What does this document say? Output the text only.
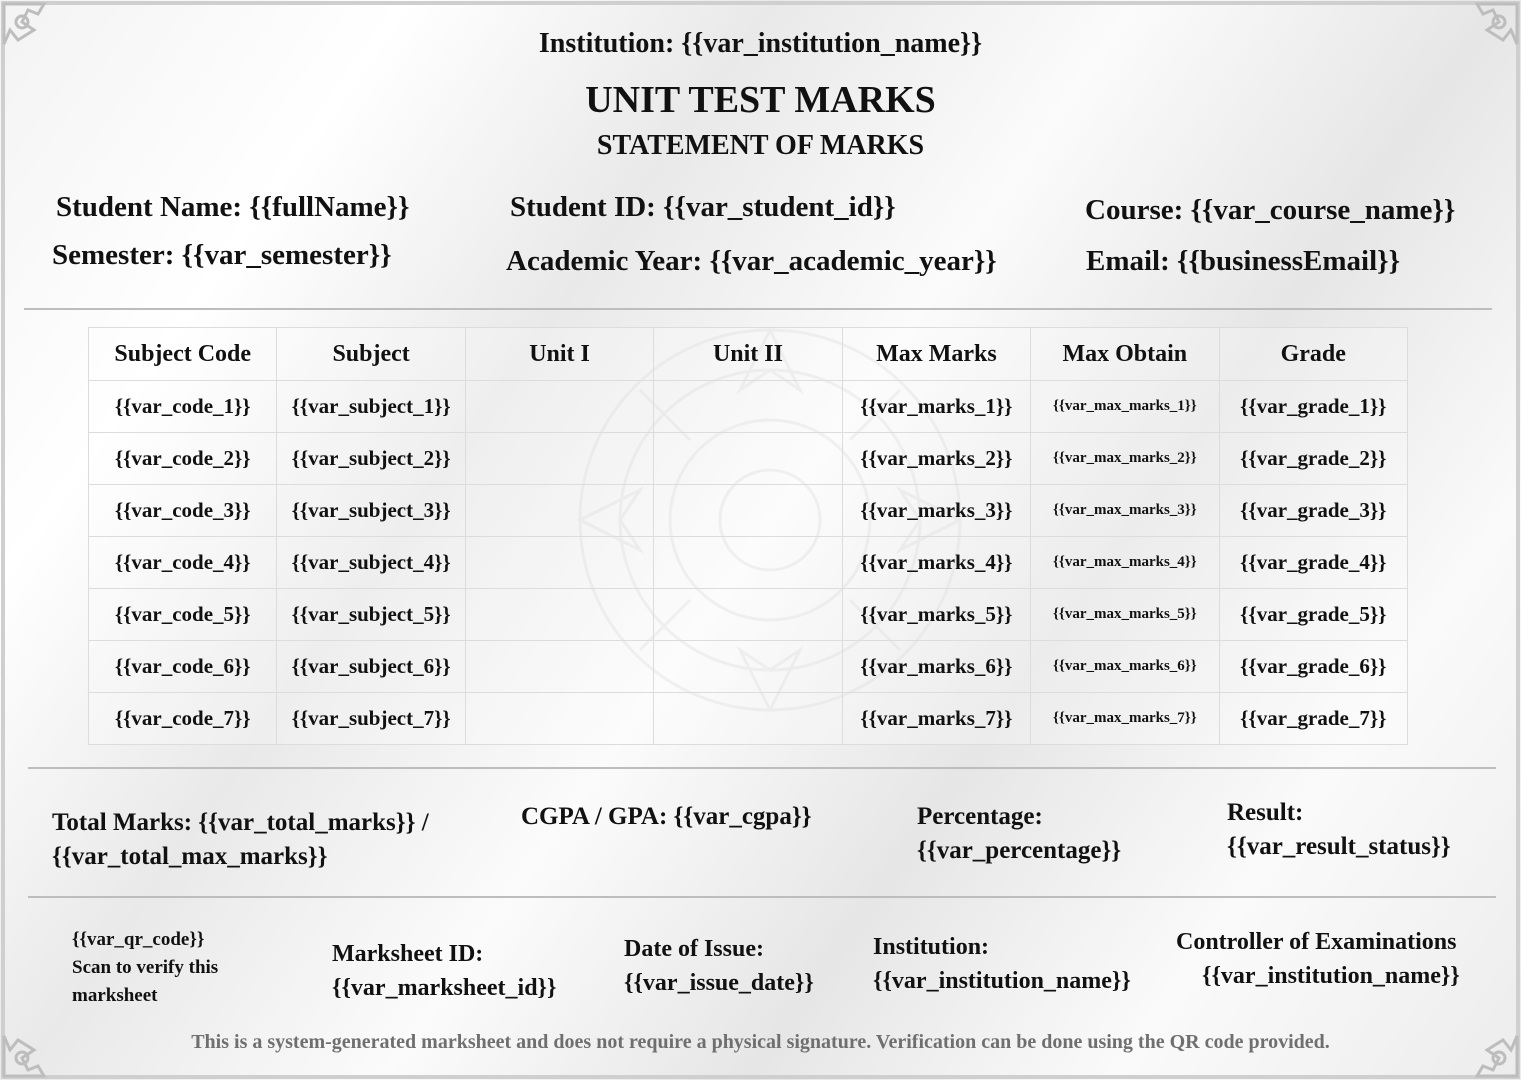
Institution: {{var_institution_name}}
UNIT TEST MARKS
STATEMENT OF MARKS
Student Name: {{fullName}}	Student ID: {{var_student_id}}	Course: {{var_course_name}}
Semester: {{var_semester}}	Academic Year: {{var_academic_year}}	Email: {{businessEmail}}
Subject Code	Subject	Unit I	Unit II	Max Marks	Max Obtain	Grade
{{var_code_1}}	{{var_subject_1}}			{{var_marks_1}}	{{var_max_marks_1}}	{{var_grade_1}}
{{var_code_2}}	{{var_subject_2}}			{{var_marks_2}}	{{var_max_marks_2}}	{{var_grade_2}}
{{var_code_3}}	{{var_subject_3}}			{{var_marks_3}}	{{var_max_marks_3}}	{{var_grade_3}}
{{var_code_4}}	{{var_subject_4}}			{{var_marks_4}}	{{var_max_marks_4}}	{{var_grade_4}}
{{var_code_5}}	{{var_subject_5}}			{{var_marks_5}}	{{var_max_marks_5}}	{{var_grade_5}}
{{var_code_6}}	{{var_subject_6}}			{{var_marks_6}}	{{var_max_marks_6}}	{{var_grade_6}}
{{var_code_7}}	{{var_subject_7}}			{{var_marks_7}}	{{var_max_marks_7}}	{{var_grade_7}}
Total Marks: {{var_total_marks}} /
{{var_total_max_marks}}
CGPA / GPA: {{var_cgpa}}	Percentage:
{{var_percentage}}
Result:
{{var_result_status}}
{{var_qr_code}}
Scan to verify this marksheet
Marksheet ID:
{{var_marksheet_id}}
Date of Issue:
{{var_issue_date}}
Institution:
{{var_institution_name}}
Controller of Examinations
{{var_institution_name}}
This is a system-generated marksheet and does not require a physical signature. Verification can be done using the QR code provided.
